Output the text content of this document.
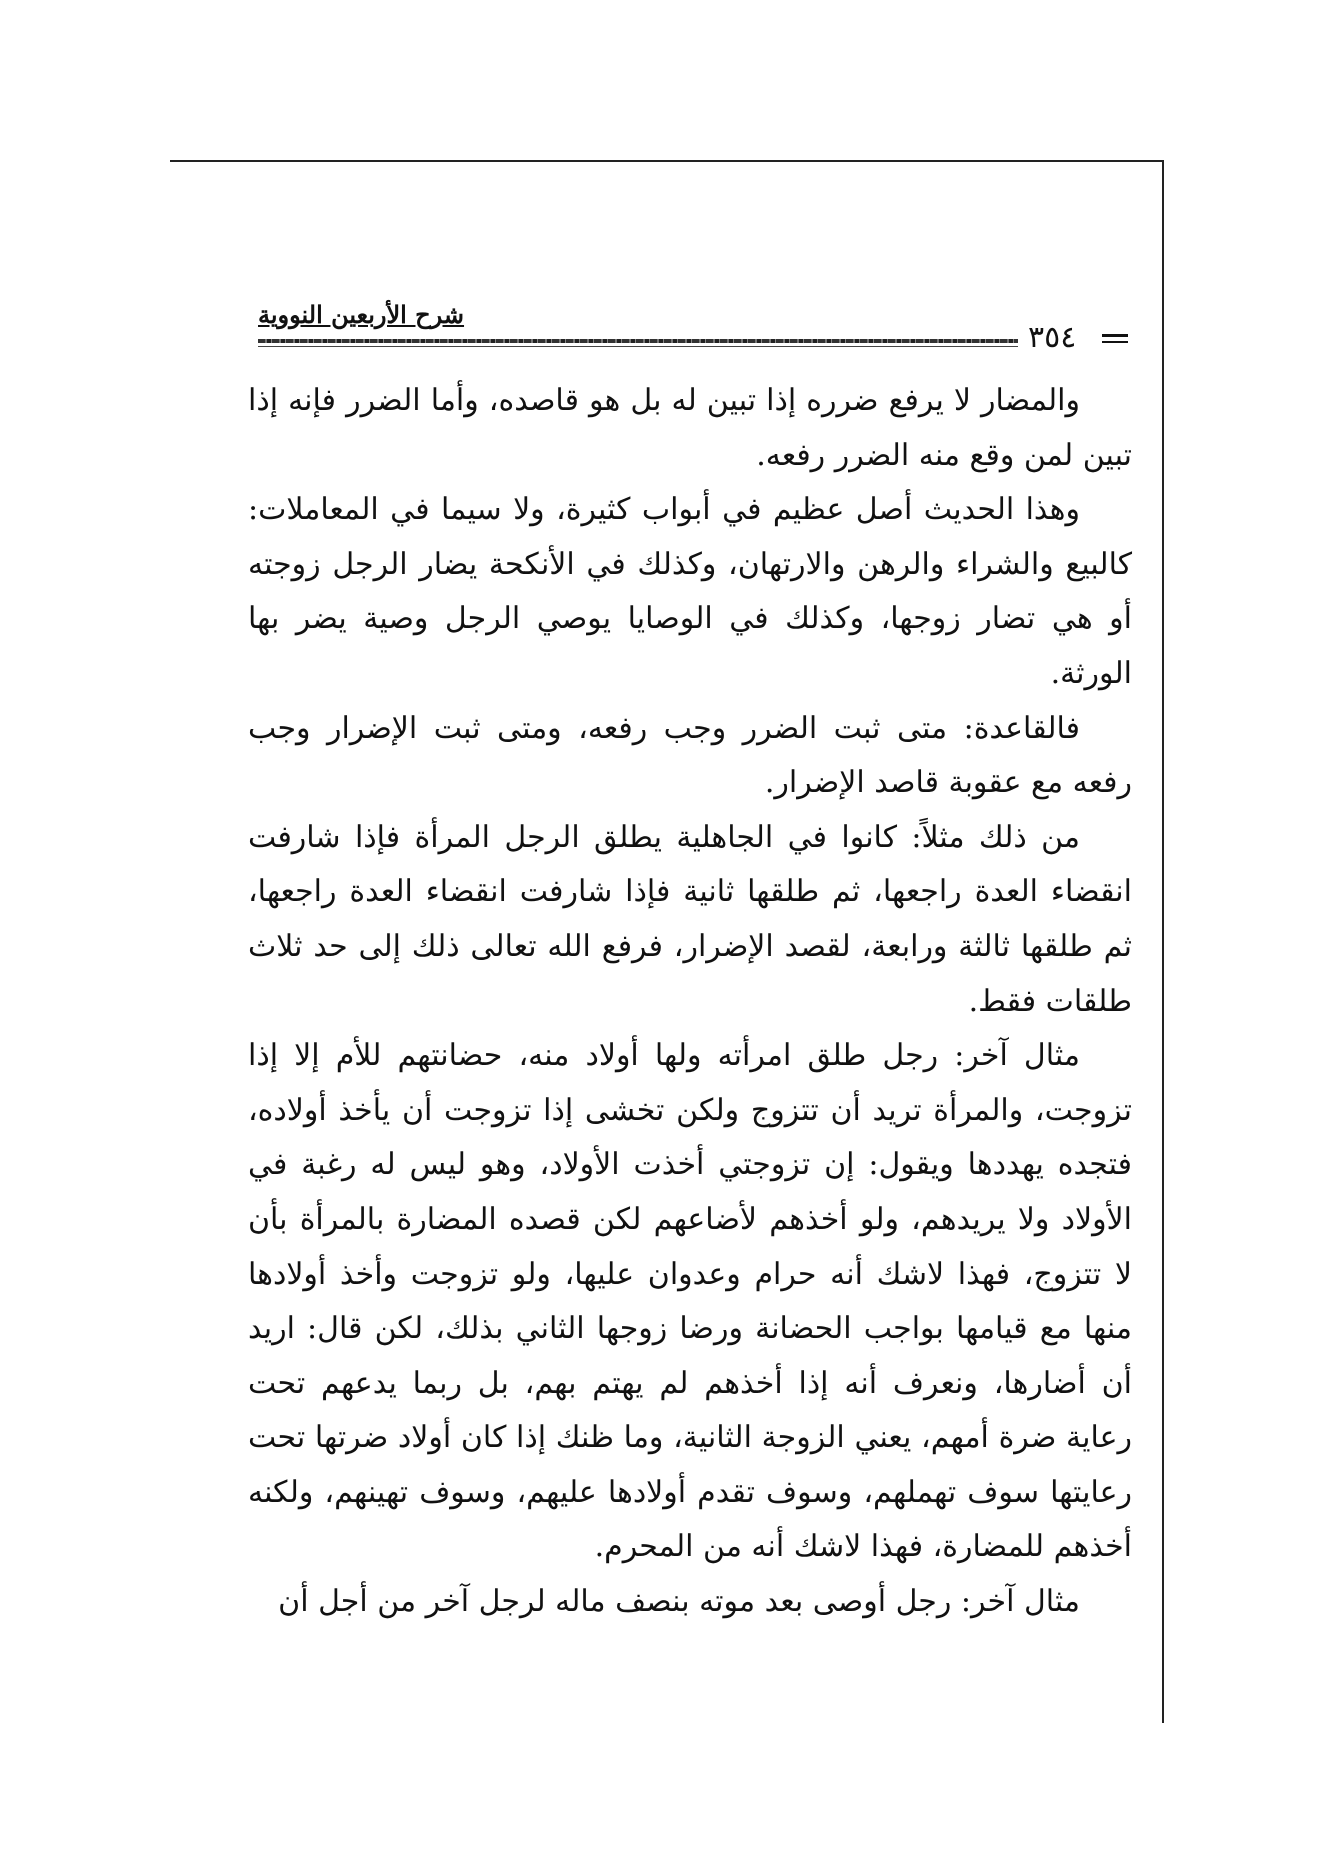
شرح الأربعين النووية
٣٥٤

والمضار لا يرفع ضرره إذا تبين له بل هو قاصده، وأما الضرر فإنه إذا تبين لمن وقع منه الضرر رفعه.

وهذا الحديث أصل عظيم في أبواب كثيرة، ولا سيما في المعاملات: كالبيع والشراء والرهن والارتهان، وكذلك في الأنكحة يضار الرجل زوجته أو هي تضار زوجها، وكذلك في الوصايا يوصي الرجل وصية يضر بها الورثة.

فالقاعدة: متى ثبت الضرر وجب رفعه، ومتى ثبت الإضرار وجب رفعه مع عقوبة قاصد الإضرار.

من ذلك مثلاً: كانوا في الجاهلية يطلق الرجل المرأة فإذا شارفت انقضاء العدة راجعها، ثم طلقها ثانية فإذا شارفت انقضاء العدة راجعها، ثم طلقها ثالثة ورابعة، لقصد الإضرار، فرفع الله تعالى ذلك إلى حد ثلاث طلقات فقط.

مثال آخر: رجل طلق امرأته ولها أولاد منه، حضانتهم للأم إلا إذا تزوجت، والمرأة تريد أن تتزوج ولكن تخشى إذا تزوجت أن يأخذ أولاده، فتجده يهددها ويقول: إن تزوجتي أخذت الأولاد، وهو ليس له رغبة في الأولاد ولا يريدهم، ولو أخذهم لأضاعهم لكن قصده المضارة بالمرأة بأن لا تتزوج، فهذا لاشك أنه حرام وعدوان عليها، ولو تزوجت وأخذ أولادها منها مع قيامها بواجب الحضانة ورضا زوجها الثاني بذلك، لكن قال: اريد أن أضارها، ونعرف أنه إذا أخذهم لم يهتم بهم، بل ربما يدعهم تحت رعاية ضرة أمهم، يعني الزوجة الثانية، وما ظنك إذا كان أولاد ضرتها تحت رعايتها سوف تهملهم، وسوف تقدم أولادها عليهم، وسوف تهينهم، ولكنه أخذهم للمضارة، فهذا لاشك أنه من المحرم.

مثال آخر: رجل أوصى بعد موته بنصف ماله لرجل آخر من أجل أن
